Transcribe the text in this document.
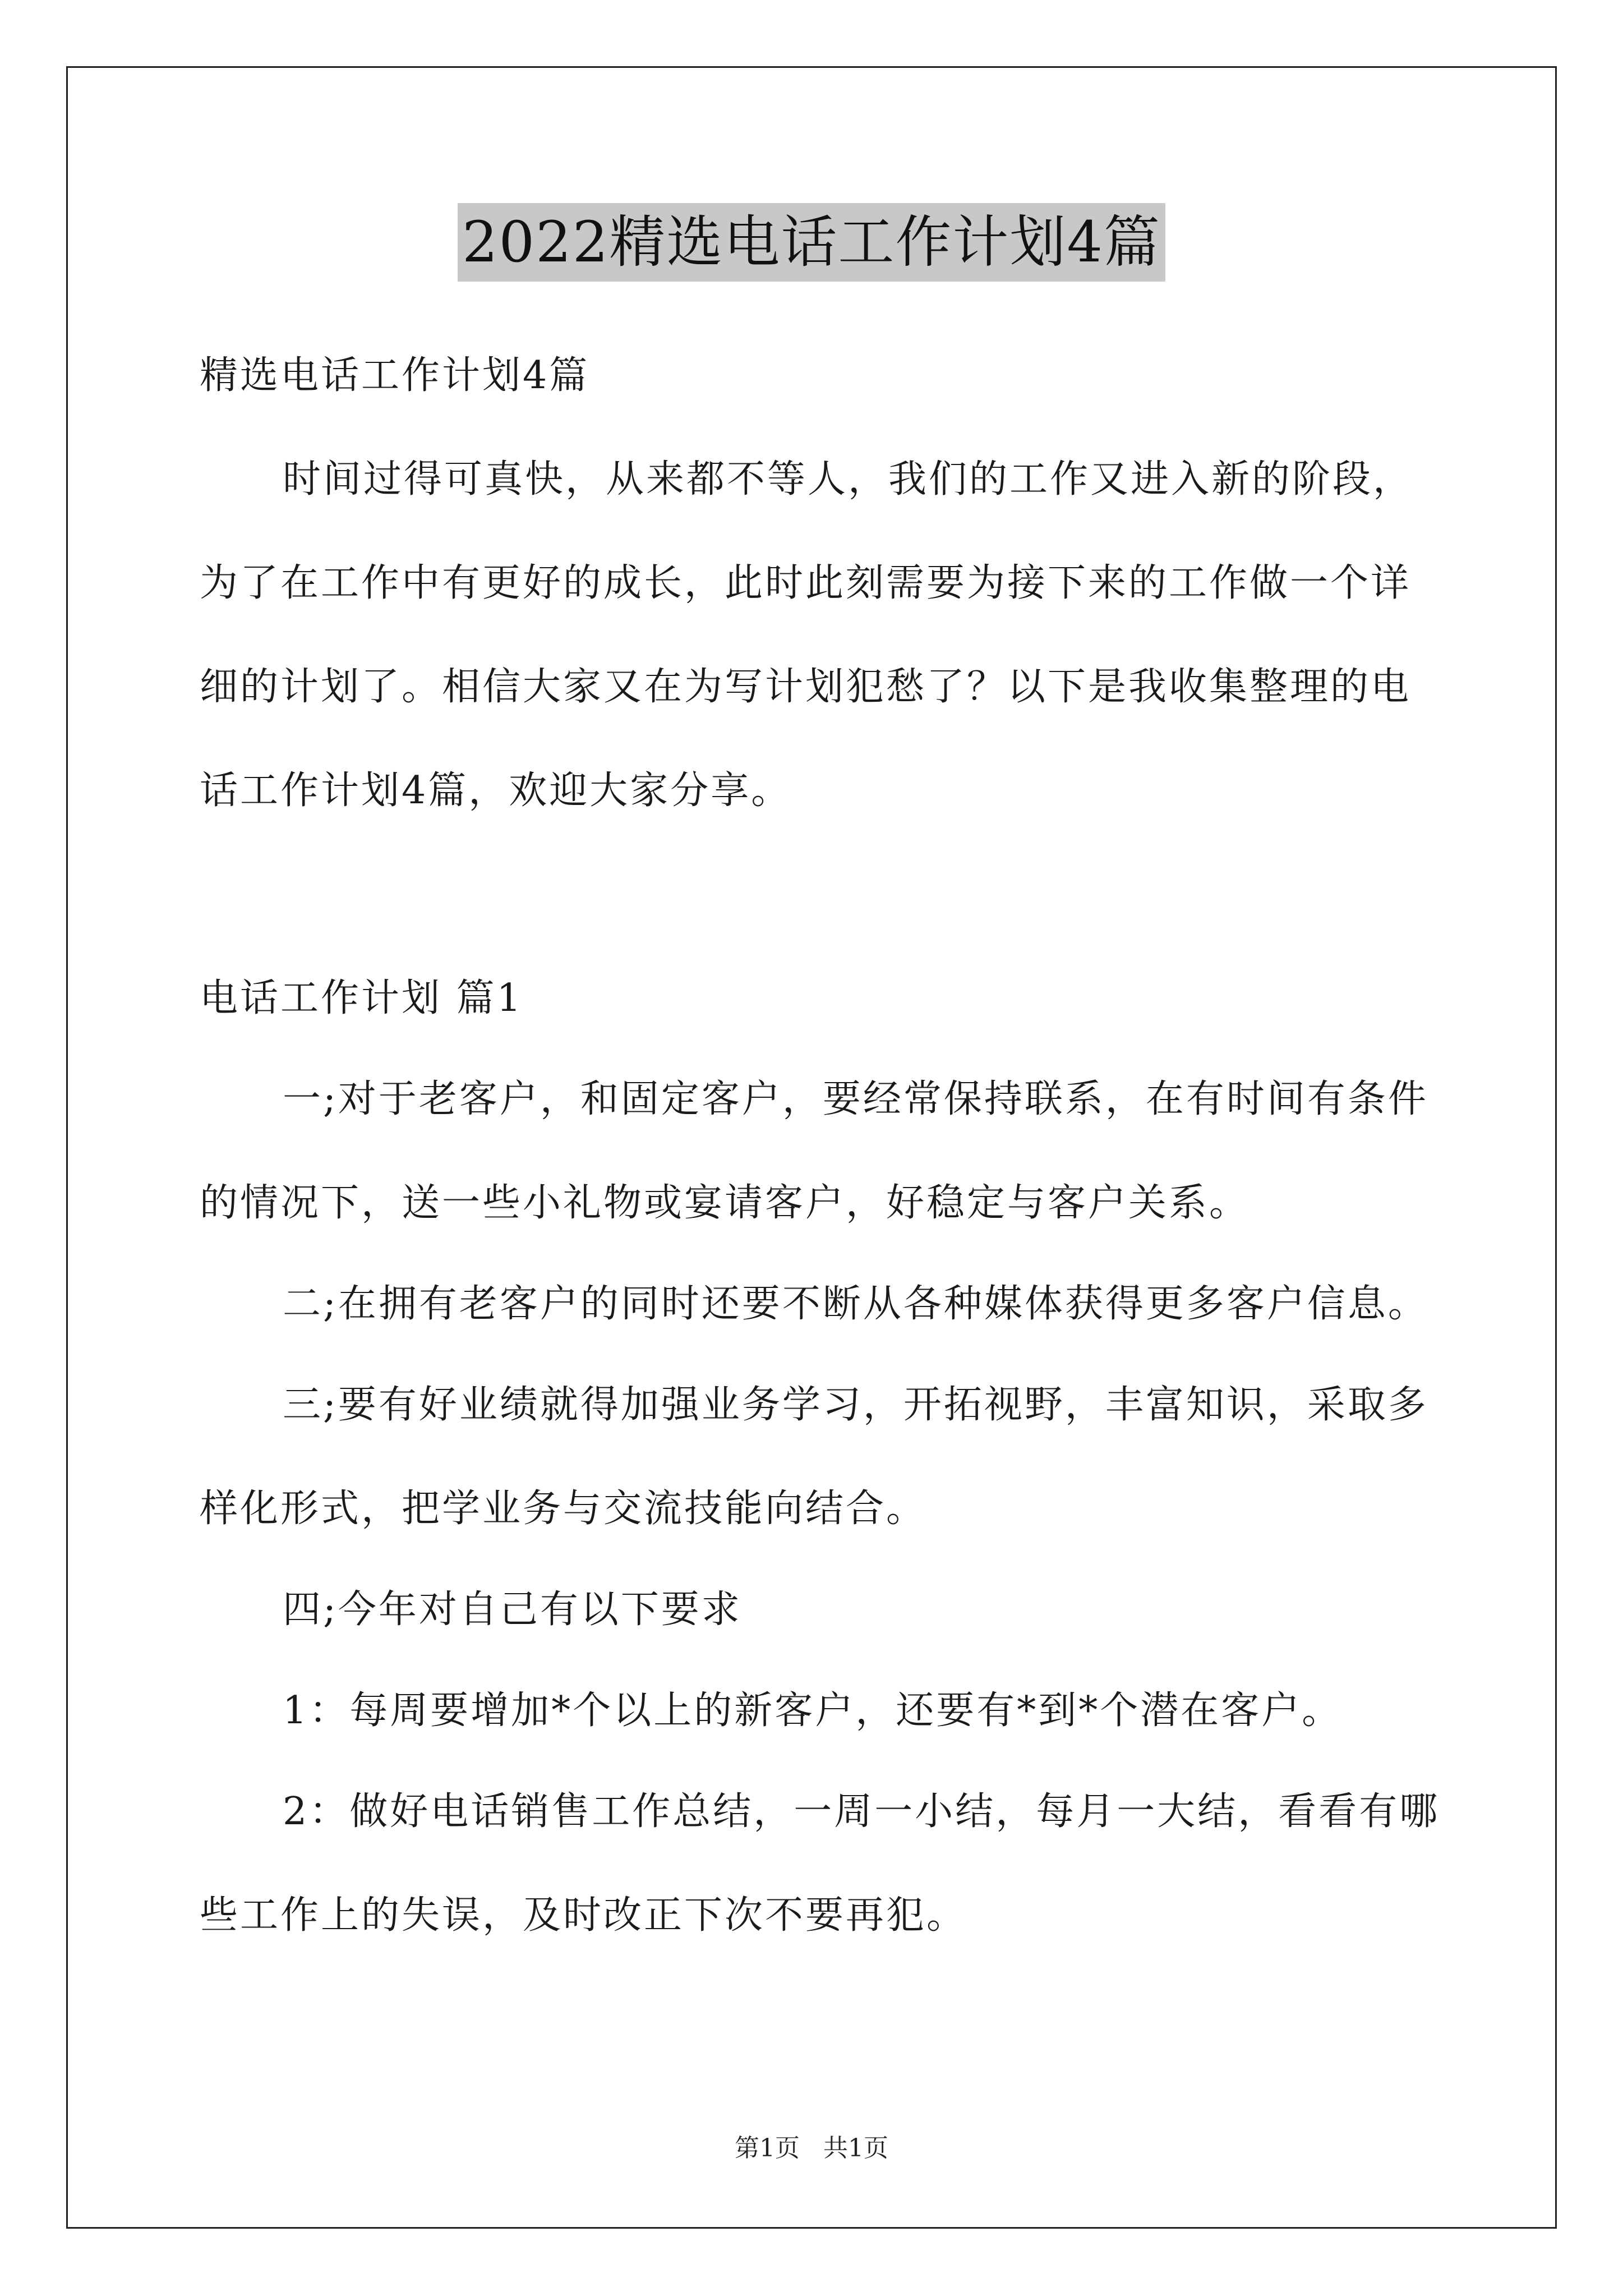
2022精选电话工作计划4篇

精选电话工作计划4篇

时间过得可真快，从来都不等人，我们的工作又进入新的阶段，

为了在工作中有更好的成长，此时此刻需要为接下来的工作做一个详

细的计划了。相信大家又在为写计划犯愁了？以下是我收集整理的电

话工作计划4篇，欢迎大家分享。

电话工作计划 篇1

一;对于老客户，和固定客户，要经常保持联系，在有时间有条件

的情况下，送一些小礼物或宴请客户，好稳定与客户关系。

二;在拥有老客户的同时还要不断从各种媒体获得更多客户信息。

三;要有好业绩就得加强业务学习，开拓视野，丰富知识，采取多

样化形式，把学业务与交流技能向结合。

四;今年对自己有以下要求

1：每周要增加*个以上的新客户，还要有*到*个潜在客户。

2：做好电话销售工作总结，一周一小结，每月一大结，看看有哪

些工作上的失误，及时改正下次不要再犯。

第1页 共1页
